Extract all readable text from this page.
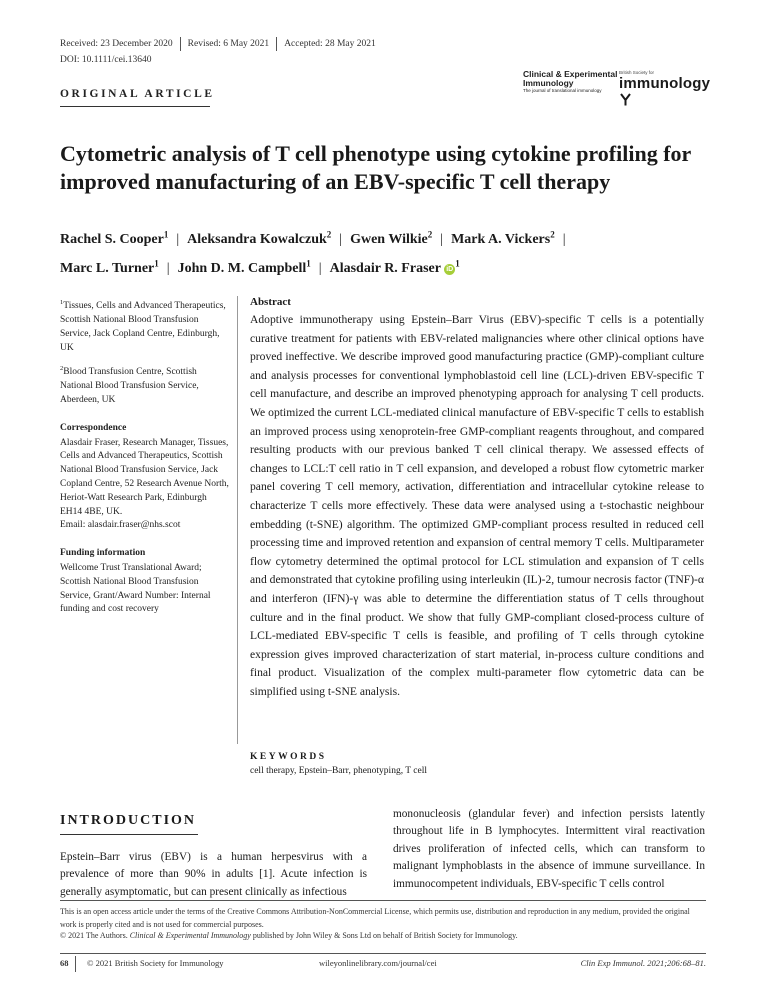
Received: 23 December 2020 Revised: 6 May 2021 Accepted: 28 May 2021
DOI: 10.1111/cei.13640
ORIGINAL ARTICLE
Clinical & Experimental
Immunology
The journal of translational immunology
British Society for
immunology
Cytometric analysis of T cell phenotype using cytokine profiling for improved manufacturing of an EBV-specific T cell therapy
Rachel S. Cooper$^1$ | Aleksandra Kowalczuk$^2$ | Gwen Wilkie$^2$ | Mark A. Vickers$^2$ |
Marc L. Turner$^1$ | John D. M. Campbell$^1$ | Alasdair R. Fraser $iD^1$

$^1$Tissues, Cells and Advanced Therapeutics, Scottish National Blood Transfusion Service, Jack Copland Centre, Edinburgh, UK

$^2$Blood Transfusion Centre, Scottish National Blood Transfusion Service, Aberdeen, UK

Correspondence
Alasdair Fraser, Research Manager, Tissues, Cells and Advanced Therapeutics, Scottish National Blood Transfusion Service, Jack Copland Centre, 52 Research Avenue North, Heriot-Watt Research Park, Edinburgh EH14 4BE, UK.
Email: alasdair.fraser@nhs.scot
Funding information
Wellcome Trust Translational Award; Scottish National Blood Transfusion Service, Grant/Award Number: Internal funding and cost recovery
Abstract

Adoptive immunotherapy using Epstein–Barr Virus (EBV)-specific T cells is a potentially curative treatment for patients with EBV-related malignancies where other clinical options have proved ineffective. We describe improved good manufacturing practice (GMP)-compliant culture and analysis processes for conventional lymphoblastoid cell line (LCL)-driven EBV-specific T cell manufacture, and describe an improved phenotyping approach for analysing T cell products. We optimized the current LCL-mediated clinical manufacture of EBV-specific T cells to establish an improved process using xenoprotein-free GMP-compliant reagents throughout, and compared resulting products with our previous banked T cell clinical therapy. We assessed effects of changes to LCL:T cell ratio in T cell expansion, and developed a robust flow cytometric marker panel covering T cell memory, activation, differentiation and intracellular cytokine release to characterize T cells more effectively. These data were analysed using a t-stochastic neighbour embedding (t-SNE) algorithm. The optimized GMP-compliant process resulted in reduced cell processing time and improved retention and expansion of central memory T cells. Multiparameter flow cytometry determined the optimal protocol for LCL stimulation and expansion of T cells and demonstrated that cytokine profiling using interleukin (IL)-2, tumour necrosis factor (TNF)-α and interferon (IFN)-γ was able to determine the differentiation status of T cells throughout culture and in the final product. We show that fully GMP-compliant closed-process culture of LCL-mediated EBV-specific T cells is feasible, and profiling of T cells through cytokine expression gives improved characterization of start material, in-process culture conditions and final product. Visualization of the complex multi-parameter flow cytometric data can be simplified using t-SNE analysis.

KEYWORDS
cell therapy, Epstein–Barr, phenotyping, T cell
INTRODUCTION
Epstein–Barr virus (EBV) is a human herpesvirus with a prevalence of more than 90% in adults [1]. Acute infection is generally asymptomatic, but can present clinically as infectious
mononucleosis (glandular fever) and infection persists latently throughout life in B lymphocytes. Intermittent viral reactivation drives proliferation of infected cells, which can transform to malignant lymphoblasts in the absence of immune surveillance. In immunocompetent individuals, EBV-specific T cells control
This is an open access article under the terms of the Creative Commons Attribution-NonCommercial License, which permits use, distribution and reproduction in any medium, provided the original work is properly cited and is not used for commercial purposes.
© 2021 The Authors. Clinical & Experimental Immunology published by John Wiley & Sons Ltd on behalf of British Society for Immunology.
68 © 2021 British Society for Immunology	wileyonlinelibrary.com/journal/cei	Clin Exp Immunol. 2021;206:68–81.
